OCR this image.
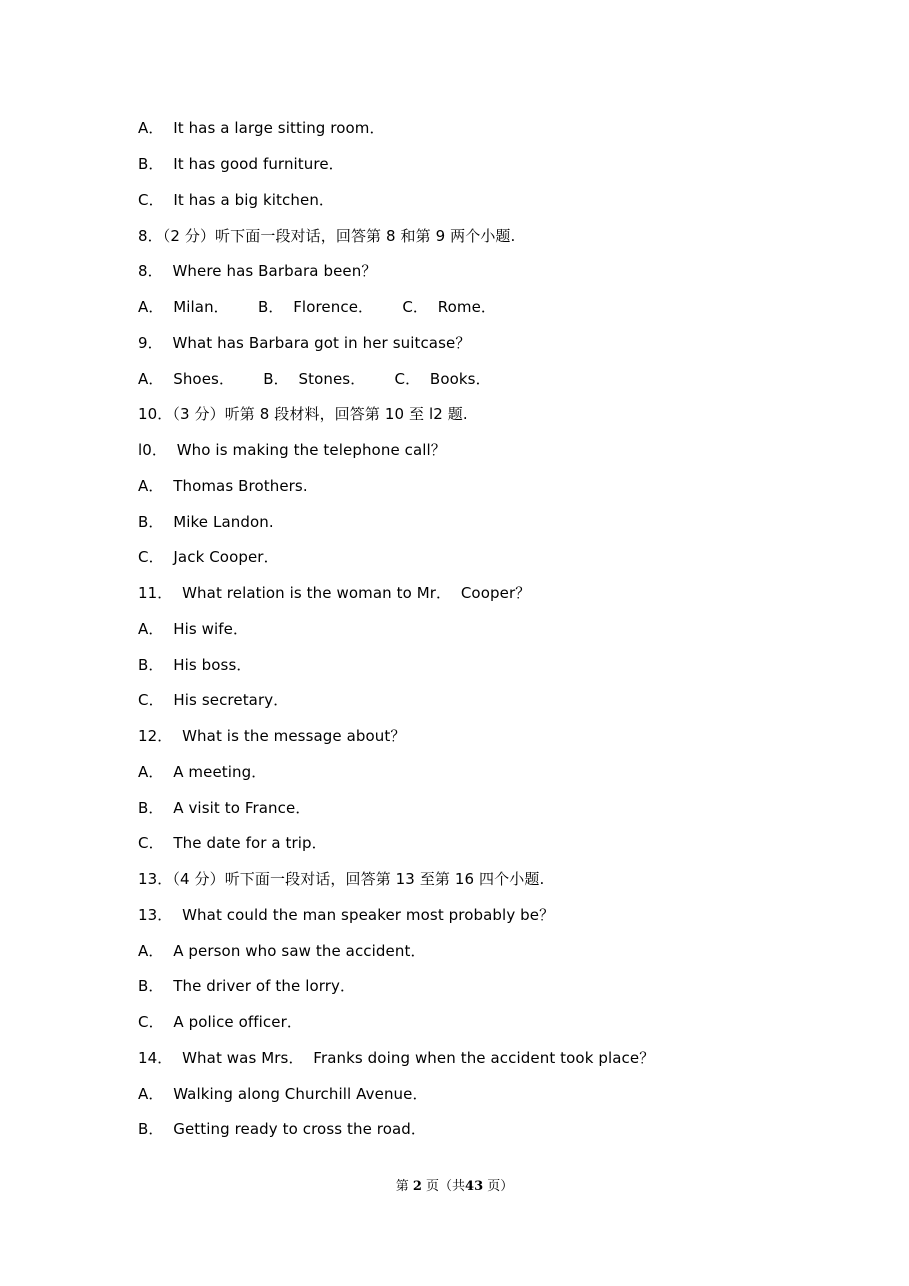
A．  It has a large sitting room．
B．  It has good furniture．
C．  It has a big kitchen．
8．（2 分）听下面一段对话，回答第 8 和第 9 两个小题.
8．  Where has Barbara been？
A．  Milan．      B．  Florence．      C．  Rome．
9．  What has Barbara got in her suitcase？
A．  Shoes．      B．  Stones．      C．  Books．
10．（3 分）听第 8 段材料，回答第 10 至 l2 题.
l0．  Who is making the telephone call？
A．  Thomas Brothers.
B．  Mike Landon.
C．  Jack Cooper．
11．  What relation is the woman to Mr．  Cooper？
A．  His wife．
B．  His boss．
C．  His secretary．
12．  What is the message about？
A．  A meeting．
B．  A visit to France．
C．  The date for a trip．
13．（4 分）听下面一段对话，回答第 13 至第 16 四个小题.
13．  What could the man speaker most probably be？
A．  A person who saw the accident．
B．  The driver of the lorry．
C．  A police officer．
14．  What was Mrs．  Franks doing when the accident took place？
A．  Walking along Churchill Avenue．
B．  Getting ready to cross the road．
第 2 页（共43 页）
